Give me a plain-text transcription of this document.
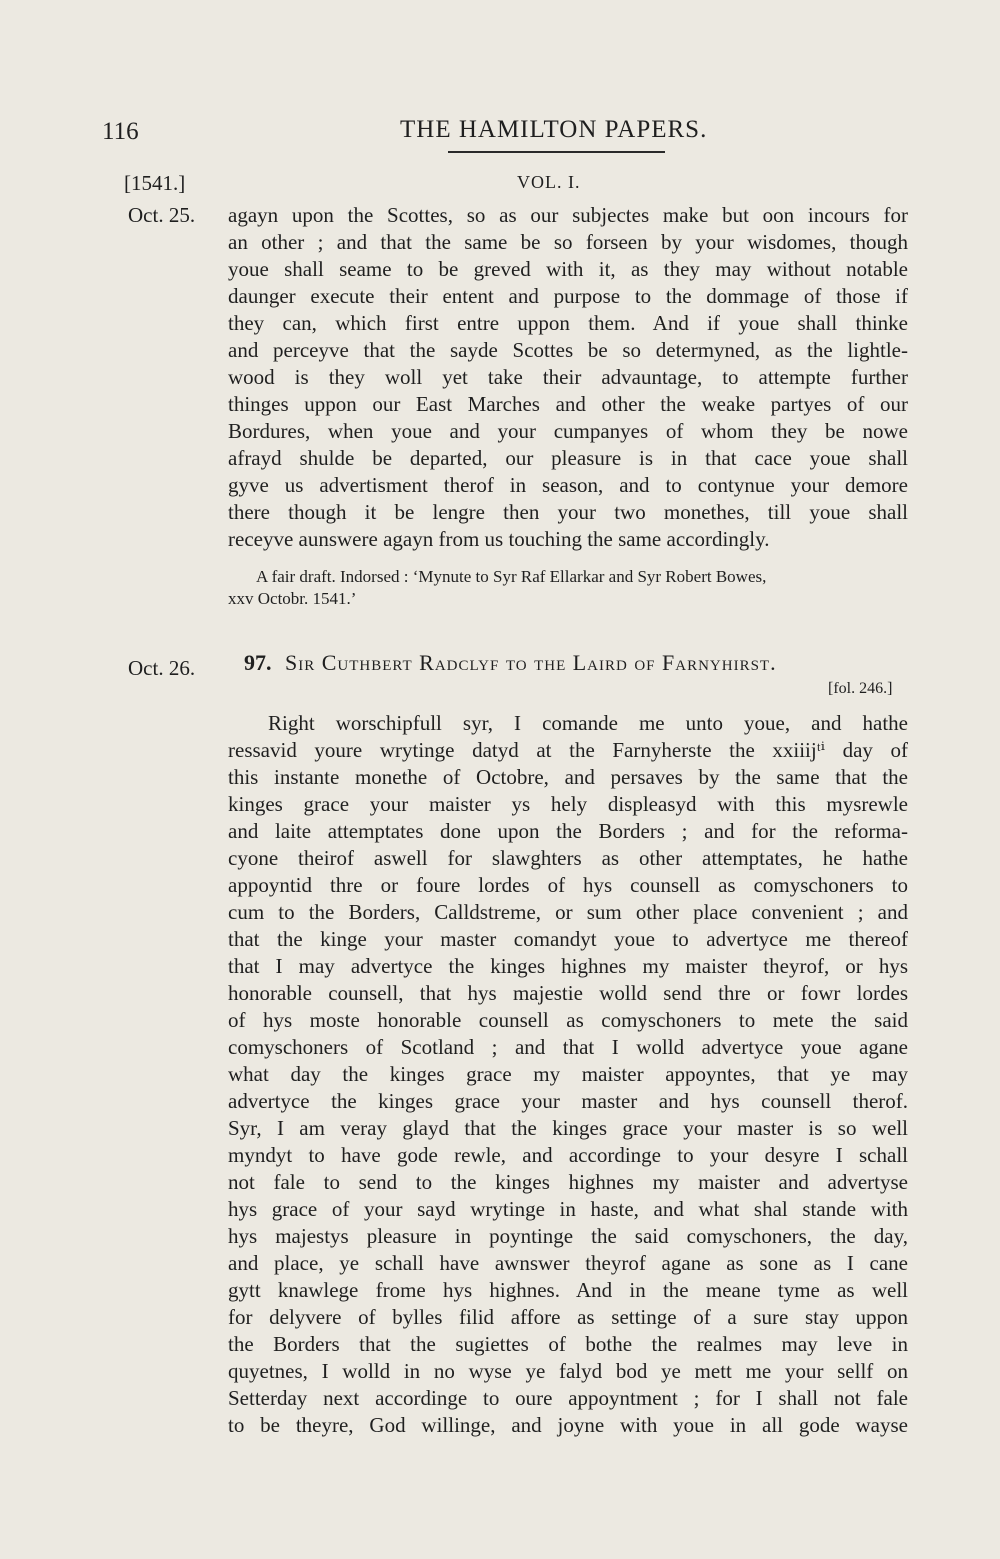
116	THE HAMILTON PAPERS.
[1541.]	VOL. I.
Oct. 25. agayn upon the Scottes, so as our subjectes make but oon incours for
an other ; and that the same be so forseen by your wisdomes, though
youe shall seame to be greved with it, as they may without notable
daunger execute their entent and purpose to the dommage of those if
they can, which first entre uppon them. And if youe shall thinke
and perceyve that the sayde Scottes be so determyned, as the lightle-
wood is they woll yet take their advauntage, to attempte further
thinges uppon our East Marches and other the weake partyes of our
Bordures, when youe and your cumpanyes of whom they be nowe
afrayd shulde be departed, our pleasure is in that cace youe shall
gyve us advertisment therof in season, and to contynue your demore
there though it be lengre then your two monethes, till youe shall
receyve aunswere agayn from us touching the same accordingly.
A fair draft. Indorsed : ‘Mynute to Syr Raf Ellarkar and Syr Robert Bowes,
xxv Octobr. 1541.’
Oct. 26. 97. Sir Cuthbert Radclyf to the Laird of Farnyhirst.
[fol. 246.]
Right worschipfull syr, I comande me unto youe, and hathe
ressavid youre wrytinge datyd at the Farnyherste the xxiiijᵗⁱ day of
this instante monethe of Octobre, and persaves by the same that the
kinges grace your maister ys hely displeasyd with this mysrewle
and laite attemptates done upon the Borders ; and for the reforma-
cyone theirof aswell for slawghters as other attemptates, he hathe
appoyntid thre or foure lordes of hys counsell as comyschoners to
cum to the Borders, Calldstreme, or sum other place convenient ; and
that the kinge your master comandyt youe to advertyce me thereof
that I may advertyce the kinges highnes my maister theyrof, or hys
honorable counsell, that hys majestie wolld send thre or fowr lordes
of hys moste honorable counsell as comyschoners to mete the said
comyschoners of Scotland ; and that I wolld advertyce youe agane
what day the kinges grace my maister appoyntes, that ye may
advertyce the kinges grace your master and hys counsell therof.
Syr, I am veray glayd that the kinges grace your master is so well
myndyt to have gode rewle, and accordinge to your desyre I schall
not fale to send to the kinges highnes my maister and advertyse
hys grace of your sayd wrytinge in haste, and what shal stande with
hys majestys pleasure in poyntinge the said comyschoners, the day,
and place, ye schall have awnswer theyrof agane as sone as I cane
gytt knawlege frome hys highnes. And in the meane tyme as well
for delyvere of bylles filid affore as settinge of a sure stay uppon
the Borders that the sugiettes of bothe the realmes may leve in
quyetnes, I wolld in no wyse ye falyd bod ye mett me your sellf on
Setterday next accordinge to oure appoyntment ; for I shall not fale
to be theyre, God willinge, and joyne with youe in all gode wayse
